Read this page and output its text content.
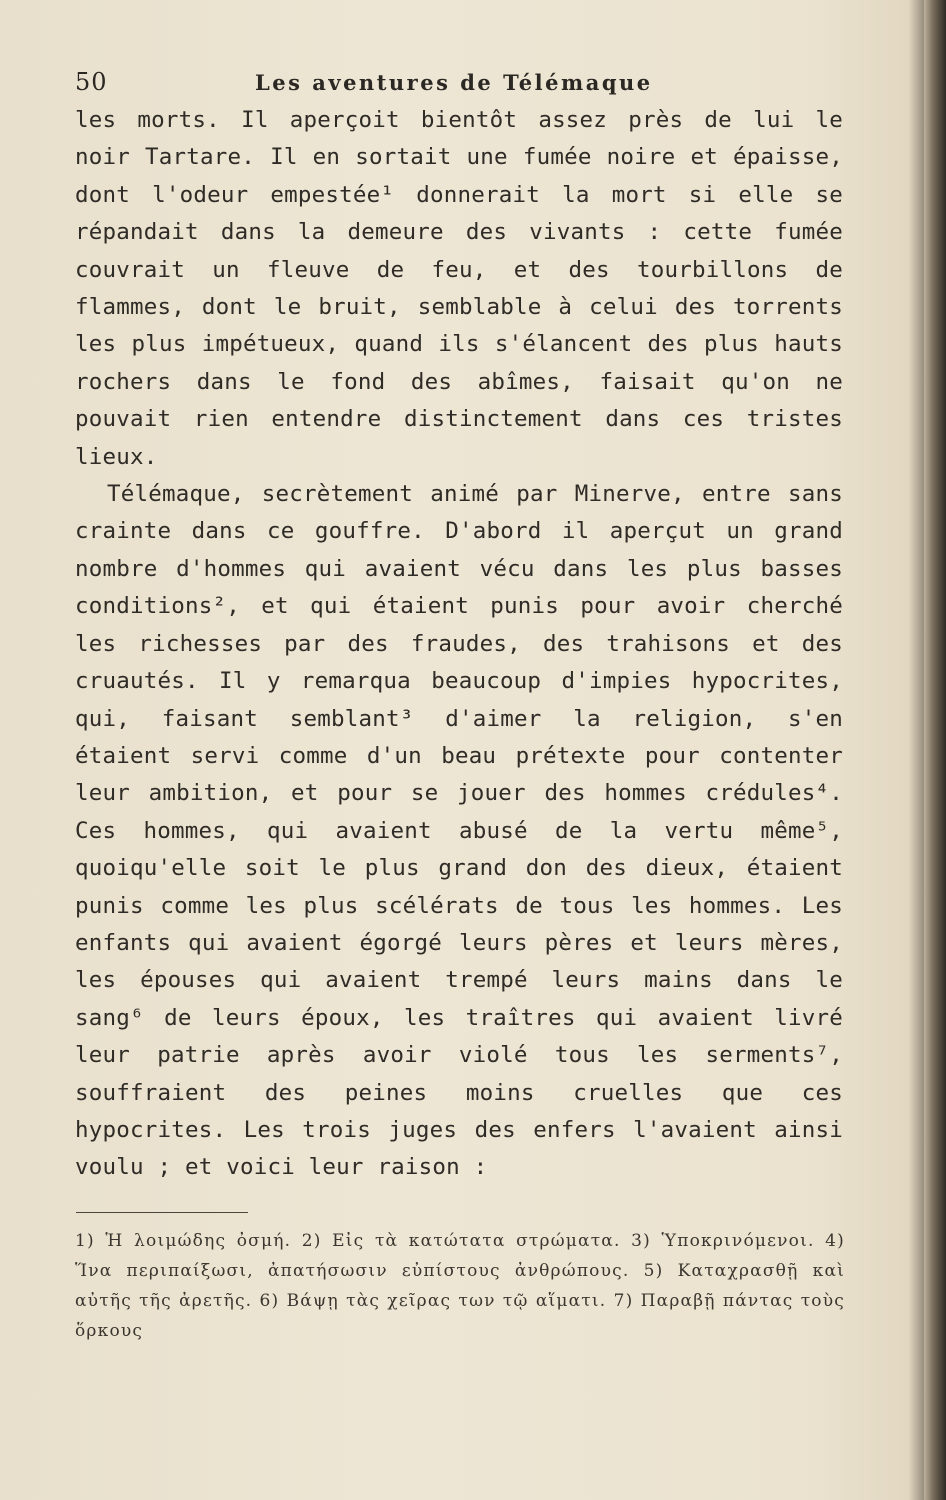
50	Les aventures de Télémaque

les morts. Il aperçoit bientôt assez près de lui le noir Tartare. Il en sortait une fumée noire et épaisse, dont l'odeur empestée¹ donnerait la mort si elle se répandait dans la demeure des vivants : cette fumée couvrait un fleuve de feu, et des tourbillons de flammes, dont le bruit, semblable à celui des torrents les plus impétueux, quand ils s'élancent des plus hauts rochers dans le fond des abîmes, faisait qu'on ne pouvait rien entendre distinctement dans ces tristes lieux.

Télémaque, secrètement animé par Minerve, entre sans crainte dans ce gouffre. D'abord il aperçut un grand nombre d'hommes qui avaient vécu dans les plus basses conditions², et qui étaient punis pour avoir cherché les richesses par des fraudes, des trahisons et des cruautés. Il y remarqua beaucoup d'impies hypocrites, qui, faisant semblant³ d'aimer la religion, s'en étaient servi comme d'un beau prétexte pour contenter leur ambition, et pour se jouer des hommes crédules⁴. Ces hommes, qui avaient abusé de la vertu même⁵, quoiqu'elle soit le plus grand don des dieux, étaient punis comme les plus scélérats de tous les hommes. Les enfants qui avaient égorgé leurs pères et leurs mères, les épouses qui avaient trempé leurs mains dans le sang⁶ de leurs époux, les traîtres qui avaient livré leur patrie après avoir violé tous les serments⁷, souffraient des peines moins cruelles que ces hypocrites. Les trois juges des enfers l'avaient ainsi voulu ; et voici leur raison :

1) Ἡ λοιμώδης ὀσμή. 2) Εἰς τὰ κατώτατα στρώματα. 3) Ὑποκρινόμενοι. 4) Ἵνα περιπαίξωσι, ἀπατήσωσιν εὐπίστους ἀνθρώπους. 5) Καταχρασθῇ καὶ αὐτῆς τῆς ἀρετῆς. 6) Βάψῃ τὰς χεῖρας των τῷ αἵματι. 7) Παραβῇ πάντας τοὺς ὅρκους
